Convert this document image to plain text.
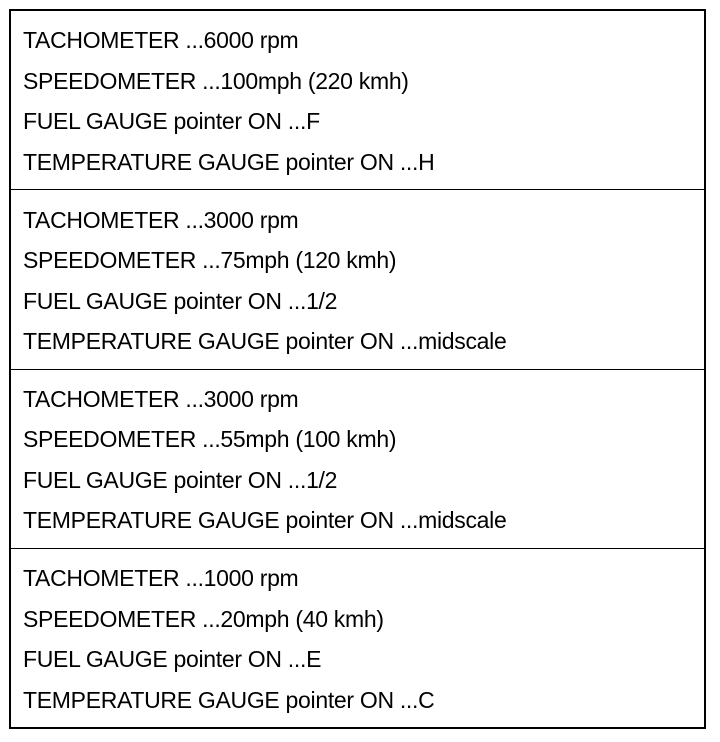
TACHOMETER ...6000 rpm
SPEEDOMETER ...100mph (220 kmh)
FUEL GAUGE pointer ON ...F
TEMPERATURE GAUGE pointer ON ...H
TACHOMETER ...3000 rpm
SPEEDOMETER ...75mph (120 kmh)
FUEL GAUGE pointer ON ...1/2
TEMPERATURE GAUGE pointer ON ...midscale
TACHOMETER ...3000 rpm
SPEEDOMETER ...55mph (100 kmh)
FUEL GAUGE pointer ON ...1/2
TEMPERATURE GAUGE pointer ON ...midscale
TACHOMETER ...1000 rpm
SPEEDOMETER ...20mph (40 kmh)
FUEL GAUGE pointer ON ...E
TEMPERATURE GAUGE pointer ON ...C
